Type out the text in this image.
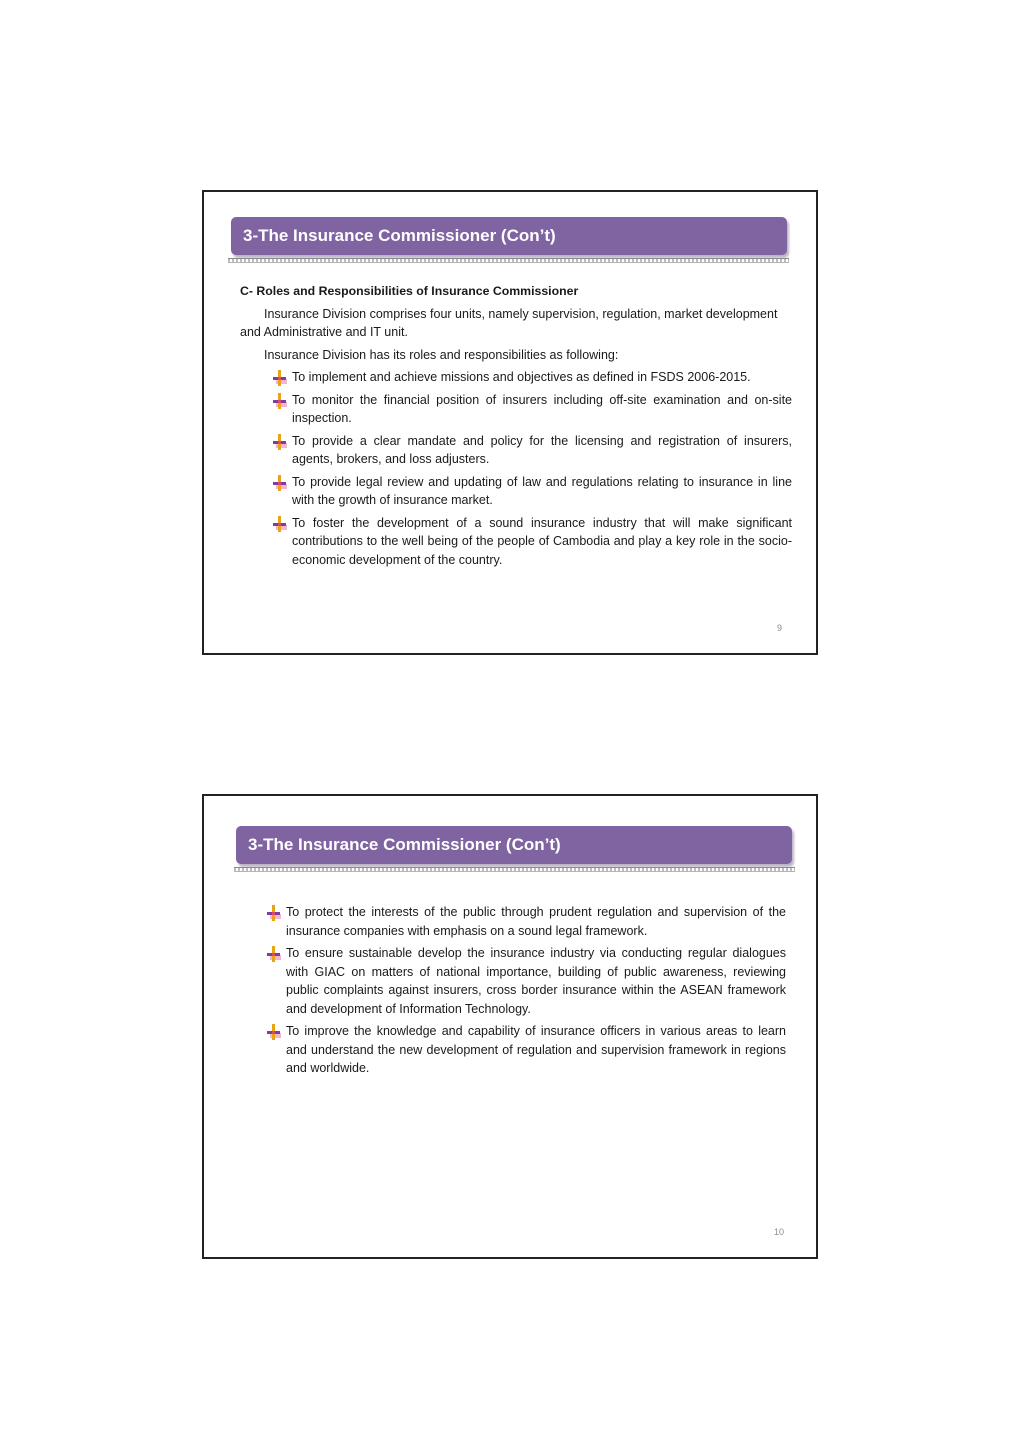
3-The Insurance Commissioner (Con’t)
C- Roles and Responsibilities of Insurance Commissioner

Insurance Division comprises four units, namely supervision, regulation, market development and Administrative and IT unit.

Insurance Division has its roles and responsibilities as following:

To implement and achieve missions and objectives as defined in FSDS 2006-2015.
To monitor the financial position of insurers including off-site examination and on-site inspection.
To provide a clear mandate and policy for the licensing and registration of insurers, agents, brokers, and loss adjusters.
To provide legal review and updating of law and regulations relating to insurance in line with the growth of insurance market.
To foster the development of a sound insurance industry that will make significant contributions to the well being of the people of Cambodia and play a key role in the socio-economic development of the country.
9
3-The Insurance Commissioner (Con’t)
To protect the interests of the public through prudent regulation and supervision of the insurance companies with emphasis on a sound legal framework.
To ensure sustainable develop the insurance industry via conducting regular dialogues with GIAC on matters of national importance, building of public awareness, reviewing public complaints against insurers, cross border insurance within the ASEAN framework and development of Information Technology.
To improve the knowledge and capability of insurance officers in various areas to learn and understand the new development of regulation and supervision framework in regions and worldwide.
10
